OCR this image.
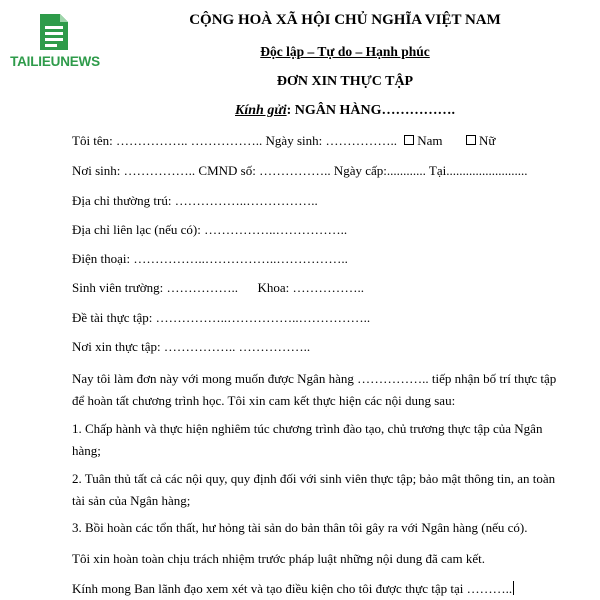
TAILIEUNEWS
CỘNG HOÀ XÃ HỘI CHỦ NGHĨA VIỆT NAM
Độc lập – Tự do – Hạnh phúc
ĐƠN XIN THỰC TẬP
Kính gửi: NGÂN HÀNG…………….
Tôi tên: …………….. …………….. Ngày sinh: …………….. Nam	Nữ
Nơi sinh: …………….. CMND số: …………….. Ngày cấp:............ Tại.........................
Địa chỉ thường trú: ……………..……………..
Địa chỉ liên lạc (nếu có): ……………..……………..
Điện thoại: ……………..……………..……………..
Sinh viên trường: …………….. Khoa: ……………..
Đề tài thực tập: ……………..……………..……………..
Nơi xin thực tập: …………….. ……………..
Nay tôi làm đơn này với mong muốn được Ngân hàng …………….. tiếp nhận bố trí thực tập để hoàn tất chương trình học. Tôi xin cam kết thực hiện các nội dung sau:
1. Chấp hành và thực hiện nghiêm túc chương trình đào tạo, chủ trương thực tập của Ngân hàng;
2. Tuân thủ tất cả các nội quy, quy định đối với sinh viên thực tập; bảo mật thông tin, an toàn tài sản của Ngân hàng;
3. Bồi hoàn các tổn thất, hư hỏng tài sản do bản thân tôi gây ra với Ngân hàng (nếu có).
Tôi xin hoàn toàn chịu trách nhiệm trước pháp luật những nội dung đã cam kết.
Kính mong Ban lãnh đạo xem xét và tạo điều kiện cho tôi được thực tập tại ………..
